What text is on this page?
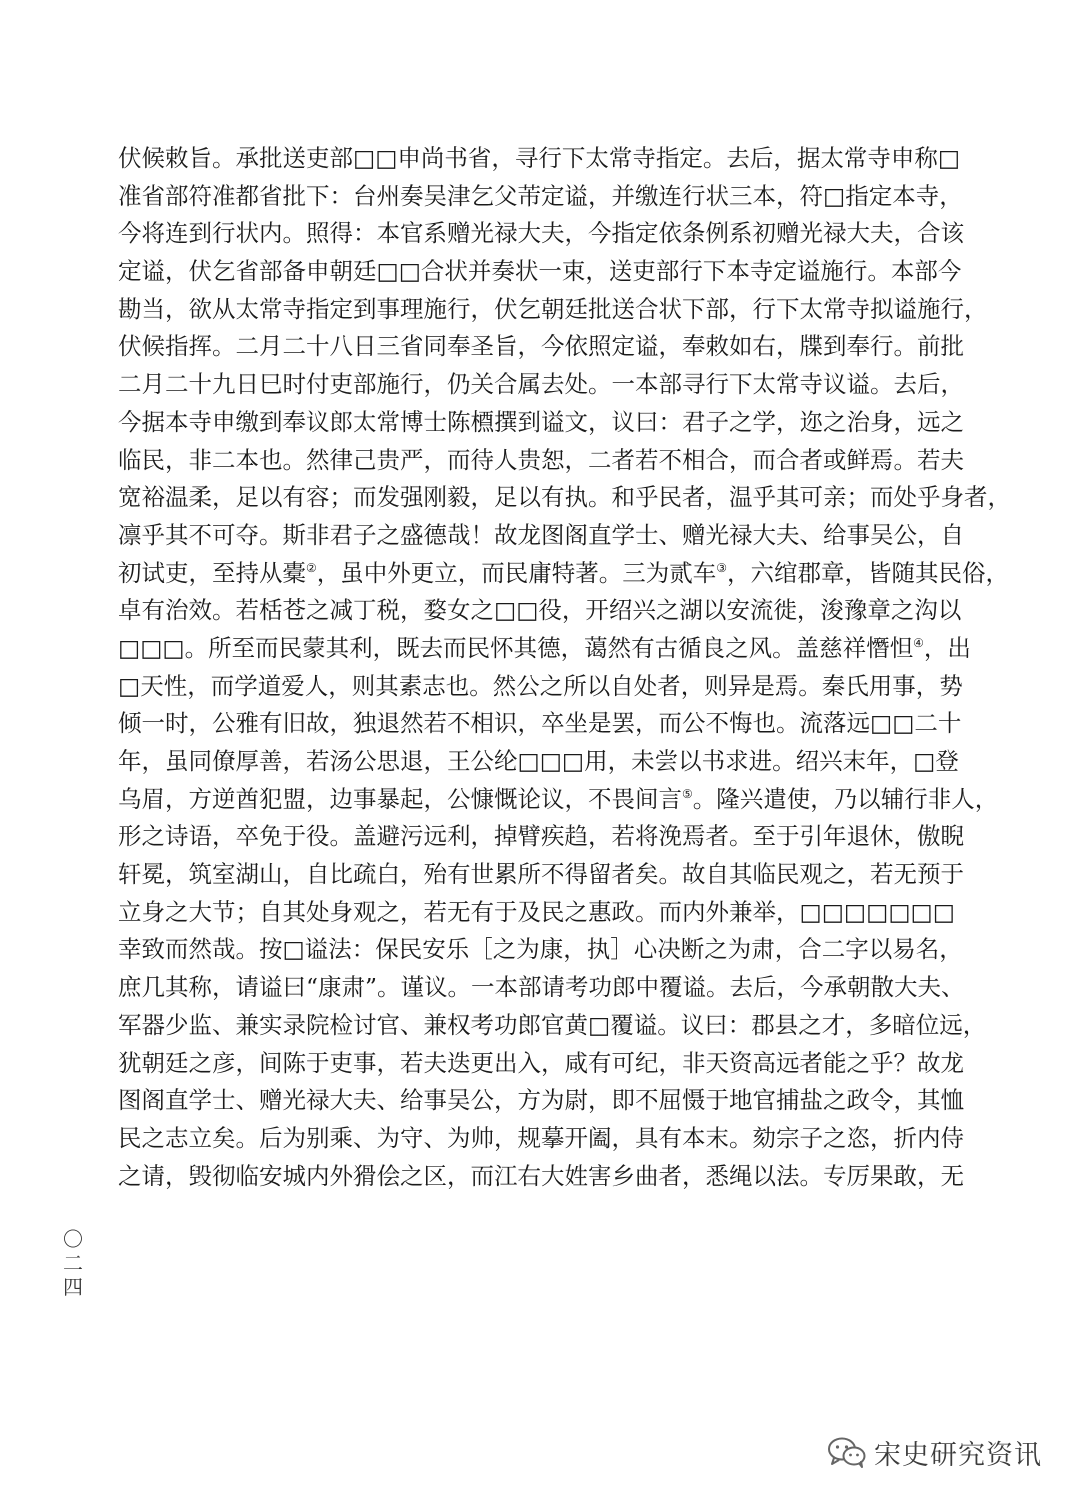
伏候敕旨。承批送吏部□□申尚书省，寻行下太常寺指定。去后，据太常寺申称□
准省部符准都省批下：台州奏吴津乞父芾定谥，并缴连行状三本，符□指定本寺，
今将连到行状内。照得：本官系赠光禄大夫，今指定依条例系初赠光禄大夫，合该
定谥，伏乞省部备申朝廷□□合状并奏状一束，送吏部行下本寺定谥施行。本部今
勘当，欲从太常寺指定到事理施行，伏乞朝廷批送合状下部，行下太常寺拟谥施行，
伏候指挥。二月二十八日三省同奉圣旨，今依照定谥，奉敕如右，牒到奉行。前批
二月二十九日巳时付吏部施行，仍关合属去处。一本部寻行下太常寺议谥。去后，
今据本寺申缴到奉议郎太常博士陈槱撰到谥文，议曰：君子之学，迩之治身，远之
临民，非二本也。然律己贵严，而待人贵恕，二者若不相合，而合者或鲜焉。若夫
宽裕温柔，足以有容；而发强刚毅，足以有执。和乎民者，温乎其可亲；而处乎身者，
凛乎其不可夺。斯非君子之盛德哉！故龙图阁直学士、赠光禄大夫、给事吴公，自
初试吏，至持从橐②，虽中外更立，而民庸特著。三为贰车③，六绾郡章，皆随其民俗，
卓有治效。若栝苍之减丁税，婺女之□□役，开绍兴之湖以安流徙，浚豫章之沟以
□□□。所至而民蒙其利，既去而民怀其德，蔼然有古循良之风。盖慈祥憯怛④，出
□天性，而学道爱人，则其素志也。然公之所以自处者，则异是焉。秦氏用事，势
倾一时，公雅有旧故，独退然若不相识，卒坐是罢，而公不悔也。流落远□□二十
年，虽同僚厚善，若汤公思退，王公纶□□□用，未尝以书求进。绍兴末年，□登
乌眉，方逆酋犯盟，边事暴起，公慷慨论议，不畏间言⑤。隆兴遣使，乃以辅行非人，
形之诗语，卒免于役。盖避污远利，掉臂疾趋，若将浼焉者。至于引年退休，傲睨
轩冕，筑室湖山，自比疏白，殆有世累所不得留者矣。故自其临民观之，若无预于
立身之大节；自其处身观之，若无有于及民之惠政。而内外兼举，□□□□□□□
幸致而然哉。按□谥法：保民安乐［之为康，执］心决断之为肃，合二字以易名，
庶几其称，请谥曰“康肃”。谨议。一本部请考功郎中覆谥。去后，今承朝散大夫、
军器少监、兼实录院检讨官、兼权考功郎官黄□覆谥。议曰：郡县之才，多暗位远，
犹朝廷之彦，间陈于吏事，若夫迭更出入，咸有可纪，非天资高远者能之乎？故龙
图阁直学士、赠光禄大夫、给事吴公，方为尉，即不屈慑于地官捕盐之政令，其恤
民之志立矣。后为别乘、为守、为帅，规摹开阖，具有本末。劾宗子之恣，折内侍
之请，毁彻临安城内外猾侩之区，而江右大姓害乡曲者，悉绳以法。专厉果敢，无
〇
二
四
宋史研究资讯
